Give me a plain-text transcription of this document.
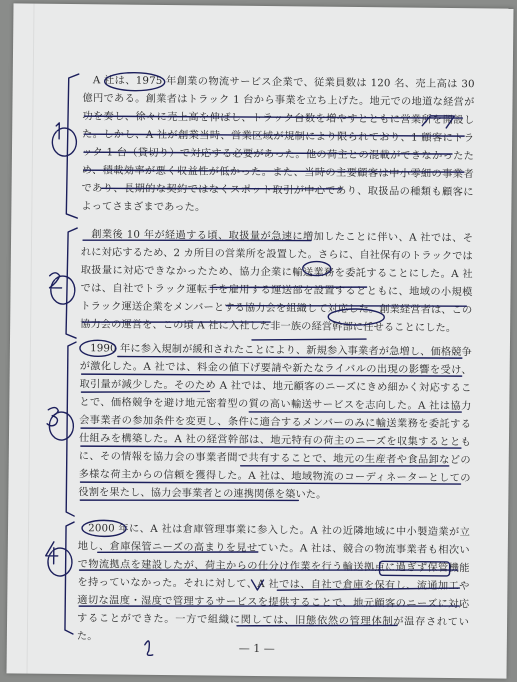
A 社は、1975 年創業の物流サービス企業で、従業員数は 120 名、売上高は 30 億円である。創業者はトラック 1 台から事業を立ち上げた。地元での地道な経営が功を奏し、徐々に売上高を伸ばし、トラック台数を増やすとともに営業所を開設した。しかし、A 社が創業当時、営業区域が規制により限られており、1 顧客にトラック 1 台（貸切り）で対応する必要があった。他の荷主との混載ができなかったため、積載効率が悪く収益性が低かった。また、当時の主要顧客は中小零細の事業者であり、長期的な契約ではなくスポット取引が中心であり、取扱品の種類も顧客によってさまざまであった。

創業後 10 年が経過する頃、取扱量が急速に増加したことに伴い、A 社では、それに対応するため、2 カ所目の営業所を設置した。さらに、自社保有のトラックでは取扱量に対応できなかったため、協力企業に輸送業務を委託することにした。A 社では、自社でトラック運転手を雇用する運送部を設置するとともに、地域の小規模トラック運送企業をメンバーとする協力会を組織して対応した。創業経営者は、この協力会の運営を、この頃 A 社に入社した非一族の経営幹部に任せることにした。

1990 年に参入規制が緩和されたことにより、新規参入事業者が急増し、価格競争が激化した。A 社では、料金の値下げ要請や新たなライバルの出現の影響を受け、取引量が減少した。そのため A 社では、地元顧客のニーズにきめ細かく対応することで、価格競争を避け地元密着型の質の高い輸送サービスを志向した。A 社は協力会事業者の参加条件を変更し、条件に適合するメンバーのみに輸送業務を委託する仕組みを構築した。A 社の経営幹部は、地元特有の荷主のニーズを収集するとともに、その情報を協力会の事業者間で共有することで、地元の生産者や食品卸などの多様な荷主からの信頼を獲得した。A 社は、地域物流のコーディネーターとしての役割を果たし、協力会事業者との連携関係を築いた。

2000 年に、A 社は倉庫管理事業に参入した。A 社の近隣地域に中小製造業が立地し、倉庫保管ニーズの高まりを見せていた。A 社は、競合の物流事業者も相次いで物流拠点を建設したが、荷主からの仕分け作業を行う輸送拠点に過ぎず保管機能を持っていなかった。それに対して、A 社では、自社で倉庫を保有し、流通加工や適切な温度・湿度で管理するサービスを提供することで、地元顧客のニーズに対応することができた。一方で組織に関しては、旧態依然の管理体制が温存されていた。

— 1 —
